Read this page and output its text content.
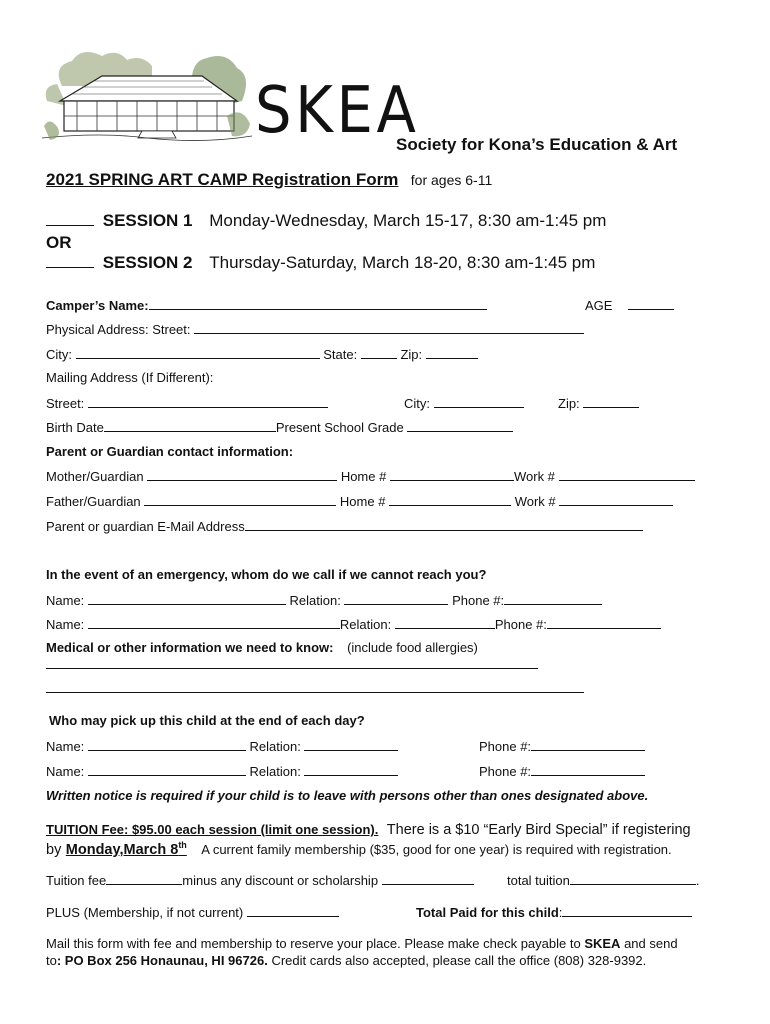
SKEA
Society for Kona’s Education & Art
2021 SPRING ART CAMP Registration Form for ages 6-11
SESSION 1 Monday-Wednesday, March 15-17, 8:30 am-1:45 pm
OR
SESSION 2 Thursday-Saturday, March 18-20, 8:30 am-1:45 pm
Camper’s Name:	AGE
Physical Address: Street:
City:	State:	Zip:
Mailing Address (If Different):
Street:	City:	Zip:
Birth Date	Present School Grade
Parent or Guardian contact information:
Mother/Guardian	Home #	Work #
Father/Guardian	Home #	Work #
Parent or guardian E-Mail Address
In the event of an emergency, whom do we call if we cannot reach you?
Name:	Relation:	Phone #:
Name:	Relation:	Phone #:
Medical or other information we need to know: (include food allergies)
Who may pick up this child at the end of each day?
Name:	Relation:	Phone #:
Name:	Relation:	Phone #:
Written notice is required if your child is to leave with persons other than ones designated above.
TUITION Fee: $95.00 each session (limit one session). There is a $10 “Early Bird Special” if registering
by Monday,March 8th A current family membership ($35, good for one year) is required with registration.
Tuition fee	minus any discount or scholarship	total tuition	.
PLUS (Membership, if not current)	Total Paid for this child:
Mail this form with fee and membership to reserve your place. Please make check payable to SKEA and send
to: PO Box 256 Honaunau, HI 96726. Credit cards also accepted, please call the office (808) 328-9392.
